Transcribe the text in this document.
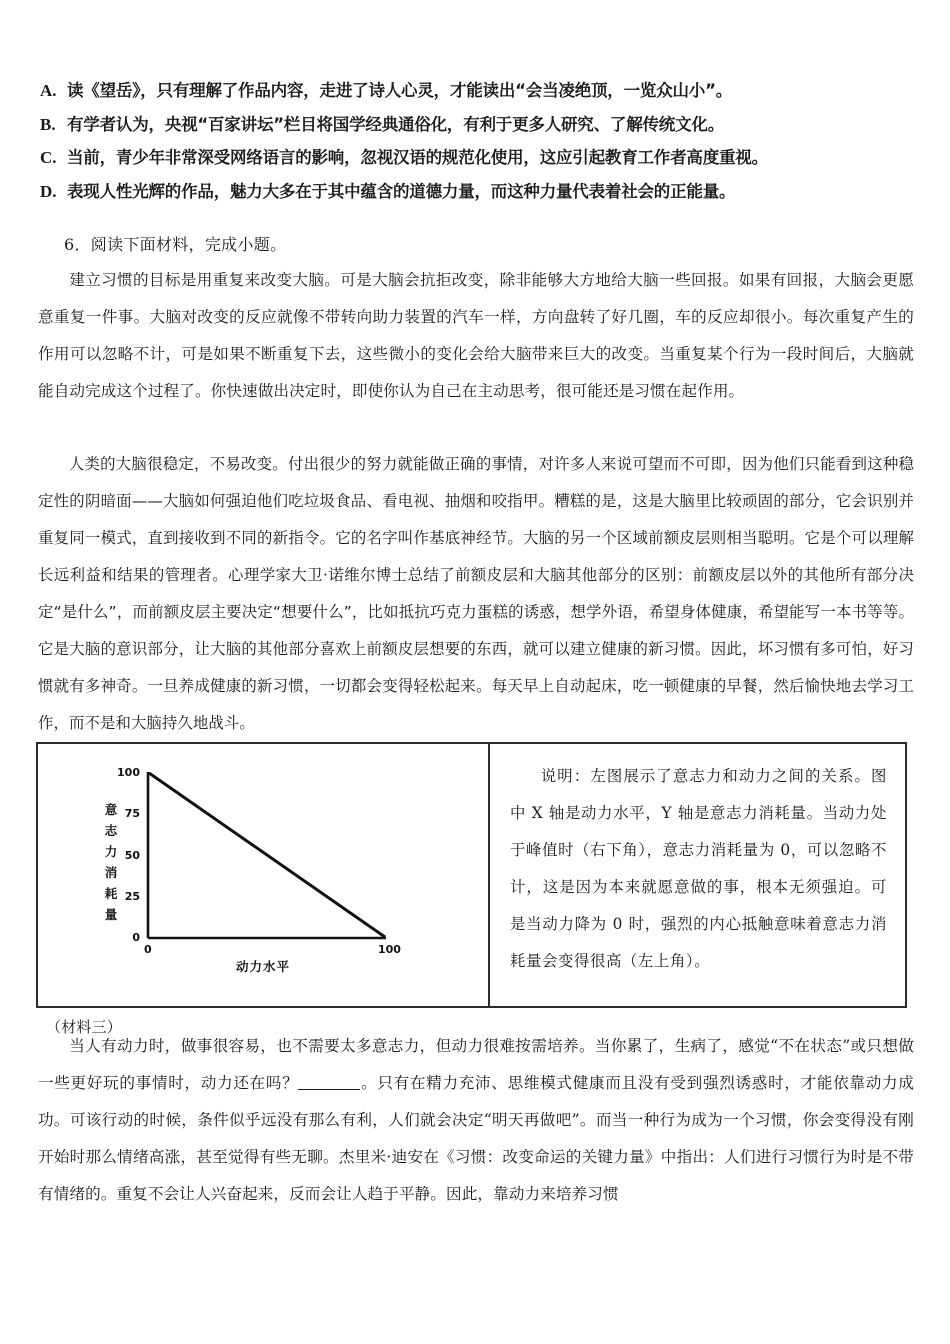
A. 读《望岳》，只有理解了作品内容，走进了诗人心灵，才能读出“会当凌绝顶，一览众山小”。
B. 有学者认为，央视“百家讲坛”栏目将国学经典通俗化，有利于更多人研究、了解传统文化。
C. 当前，青少年非常深受网络语言的影响，忽视汉语的规范化使用，这应引起教育工作者高度重视。
D. 表现人性光辉的作品，魅力大多在于其中蕴含的道德力量，而这种力量代表着社会的正能量。
6．阅读下面材料，完成小题。
建立习惯的目标是用重复来改变大脑。可是大脑会抗拒改变，除非能够大方地给大脑一些回报。如果有回报，大脑会更愿意重复一件事。大脑对改变的反应就像不带转向助力装置的汽车一样，方向盘转了好几圈，车的反应却很小。每次重复产生的作用可以忽略不计，可是如果不断重复下去，这些微小的变化会给大脑带来巨大的改变。当重复某个行为一段时间后，大脑就能自动完成这个过程了。你快速做出决定时，即使你认为自己在主动思考，很可能还是习惯在起作用。
人类的大脑很稳定，不易改变。付出很少的努力就能做正确的事情，对许多人来说可望而不可即，因为他们只能看到这种稳定性的阴暗面——大脑如何强迫他们吃垃圾食品、看电视、抽烟和咬指甲。糟糕的是，这是大脑里比较顽固的部分，它会识别并重复同一模式，直到接收到不同的新指令。它的名字叫作基底神经节。大脑的另一个区域前额皮层则相当聪明。它是个可以理解长远利益和结果的管理者。心理学家大卫·诺维尔博士总结了前额皮层和大脑其他部分的区别：前额皮层以外的其他所有部分决定“是什么”，而前额皮层主要决定“想要什么”，比如抵抗巧克力蛋糕的诱惑，想学外语，希望身体健康，希望能写一本书等等。它是大脑的意识部分，让大脑的其他部分喜欢上前额皮层想要的东西，就可以建立健康的新习惯。因此，坏习惯有多可怕，好习惯就有多神奇。一旦养成健康的新习惯，一切都会变得轻松起来。每天早上自动起床，吃一顿健康的早餐，然后愉快地去学习工作，而不是和大脑持久地战斗。
意
志
力
消
耗
量
100
75
50
25
0
0	100
动力水平
说明：左图展示了意志力和动力之间的关系。图中 X 轴是动力水平，Y 轴是意志力消耗量。当动力处于峰值时（右下角），意志力消耗量为 0，可以忽略不计，这是因为本来就愿意做的事，根本无须强迫。可是当动力降为 0 时，强烈的内心抵触意味着意志力消耗量会变得很高（左上角）。
（材料三）
当人有动力时，做事很容易，也不需要太多意志力，但动力很难按需培养。当你累了，生病了，感觉“不在状态”或只想做一些更好玩的事情时，动力还在吗？	。只有在精力充沛、思维模式健康而且没有受到强烈诱惑时，才能依靠动力成功。可该行动的时候，条件似乎远没有那么有利，人们就会决定“明天再做吧”。而当一种行为成为一个习惯，你会变得没有刚开始时那么情绪高涨，甚至觉得有些无聊。杰里米·迪安在《习惯：改变命运的关键力量》中指出：人们进行习惯行为时是不带有情绪的。重复不会让人兴奋起来，反而会让人趋于平静。因此，靠动力来培养习惯
